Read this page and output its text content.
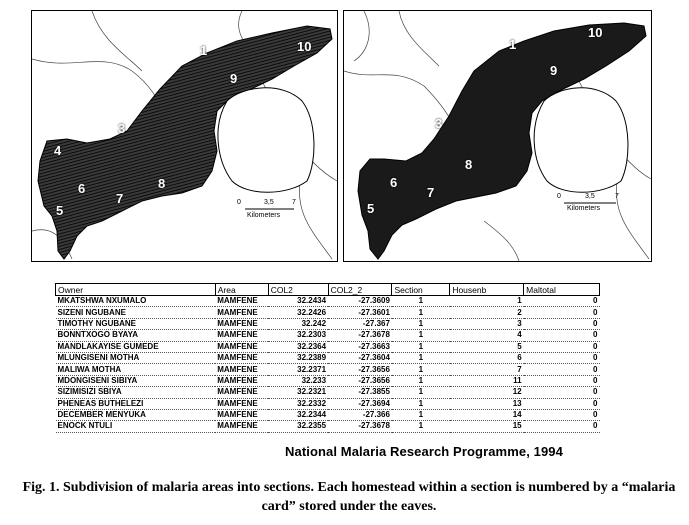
1	10
9
3
4
5
6
7
8
0	3,5	7
Kilometers
1
10
9
3
8
6
7
5
0	3,5	7
Kilometers
Owner	Area	COL2	COL2_2	Section	Housenb	Maltotal
MKATSHWA NXUMALO	MAMFENE	32.2434	-27.3609	1	1	0
SIZENI NGUBANE	MAMFENE	32.2426	-27.3601	1	2	0
TIMOTHY NGUBANE	MAMFENE	32.242	-27.367	1	3	0
BONNTXOGO BYAYA	MAMFENE	32.2303	-27.3678	1	4	0
MANDLAKAYISE GUMEDE	MAMFENE	32.2364	-27.3663	1	5	0
MLUNGISENI MOTHA	MAMFENE	32.2389	-27.3604	1	6	0
MALIWA MOTHA	MAMFENE	32.2371	-27.3656	1	7	0
MDONGISENI SIBIYA	MAMFENE	32.233	-27.3656	1	11	0
SIZIMISIZI SBIYA	MAMFENE	32.2321	-27.3855	1	12	0
PHENEAS BUTHELEZI	MAMFENE	32.2332	-27.3694	1	13	0
DECEMBER MENYUKA	MAMFENE	32.2344	-27.366	1	14	0
ENOCK NTULI	MAMFENE	32.2355	-27.3678	1	15	0
National Malaria Research Programme, 1994
Fig. 1. Subdivision of malaria areas into sections. Each homestead within a section is numbered by a “malaria card” stored under the eaves.
